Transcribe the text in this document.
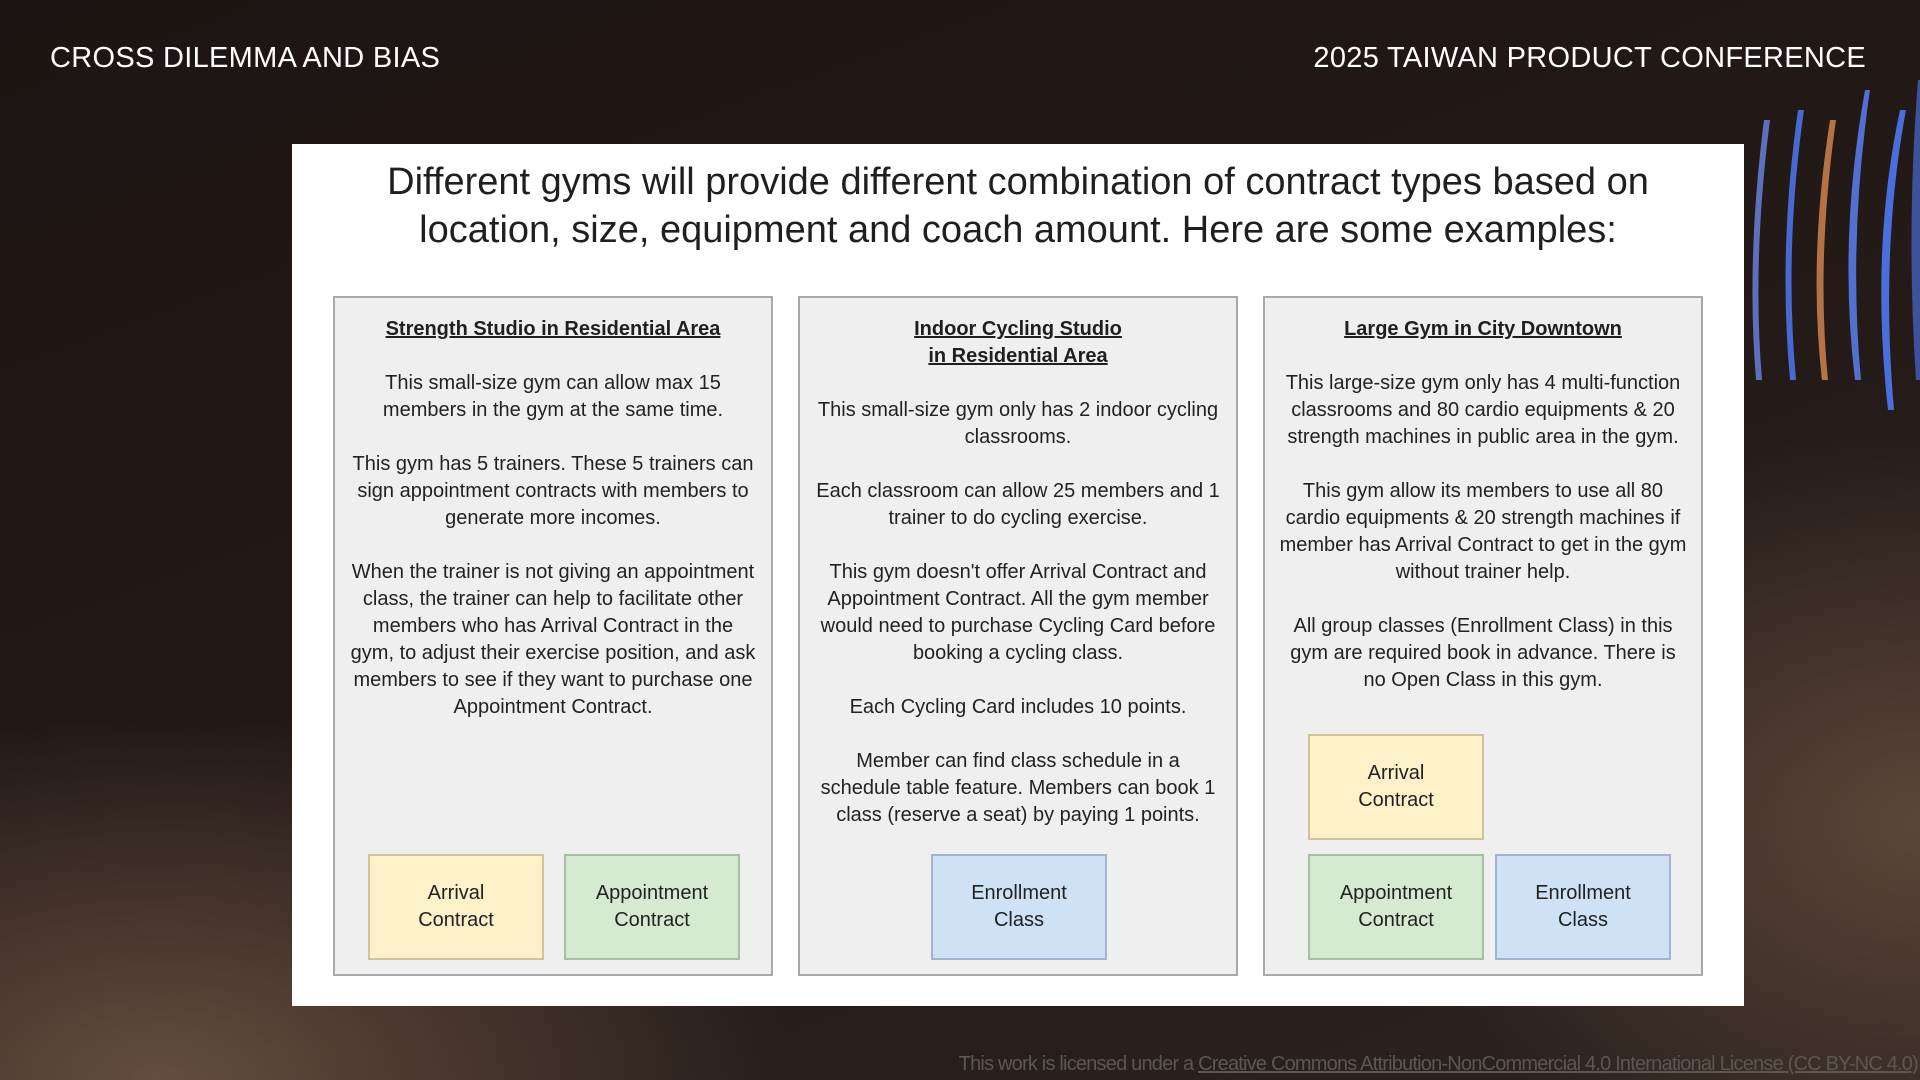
CROSS DILEMMA AND BIAS	2025 TAIWAN PRODUCT CONFERENCE
Different gyms will provide different combination of contract types based on
location, size, equipment and coach amount. Here are some examples:
Strength Studio in Residential Area

This small-size gym can allow max 15 members in the gym at the same time.

This gym has 5 trainers. These 5 trainers can sign appointment contracts with members to generate more incomes.

When the trainer is not giving an appointment class, the trainer can help to facilitate other members who has Arrival Contract in the gym, to adjust their exercise position, and ask members to see if they want to purchase one Appointment Contract.

Arrival
Contract
Appointment
Contract
Indoor Cycling Studio
in Residential Area

This small-size gym only has 2 indoor cycling classrooms.

Each classroom can allow 25 members and 1 trainer to do cycling exercise.

This gym doesn't offer Arrival Contract and Appointment Contract. All the gym member would need to purchase Cycling Card before booking a cycling class.

Each Cycling Card includes 10 points.

Member can find class schedule in a schedule table feature. Members can book 1 class (reserve a seat) by paying 1 points.

Enrollment
Class
Large Gym in City Downtown

This large-size gym only has 4 multi-function classrooms and 80 cardio equipments & 20 strength machines in public area in the gym.

This gym allow its members to use all 80 cardio equipments & 20 strength machines if member has Arrival Contract to get in the gym without trainer help.

All group classes (Enrollment Class) in this gym are required book in advance. There is no Open Class in this gym.

Arrival
Contract
Appointment
Contract
Enrollment
Class
This work is licensed under a Creative Commons Attribution-NonCommercial 4.0 International License (CC BY-NC 4.0)
